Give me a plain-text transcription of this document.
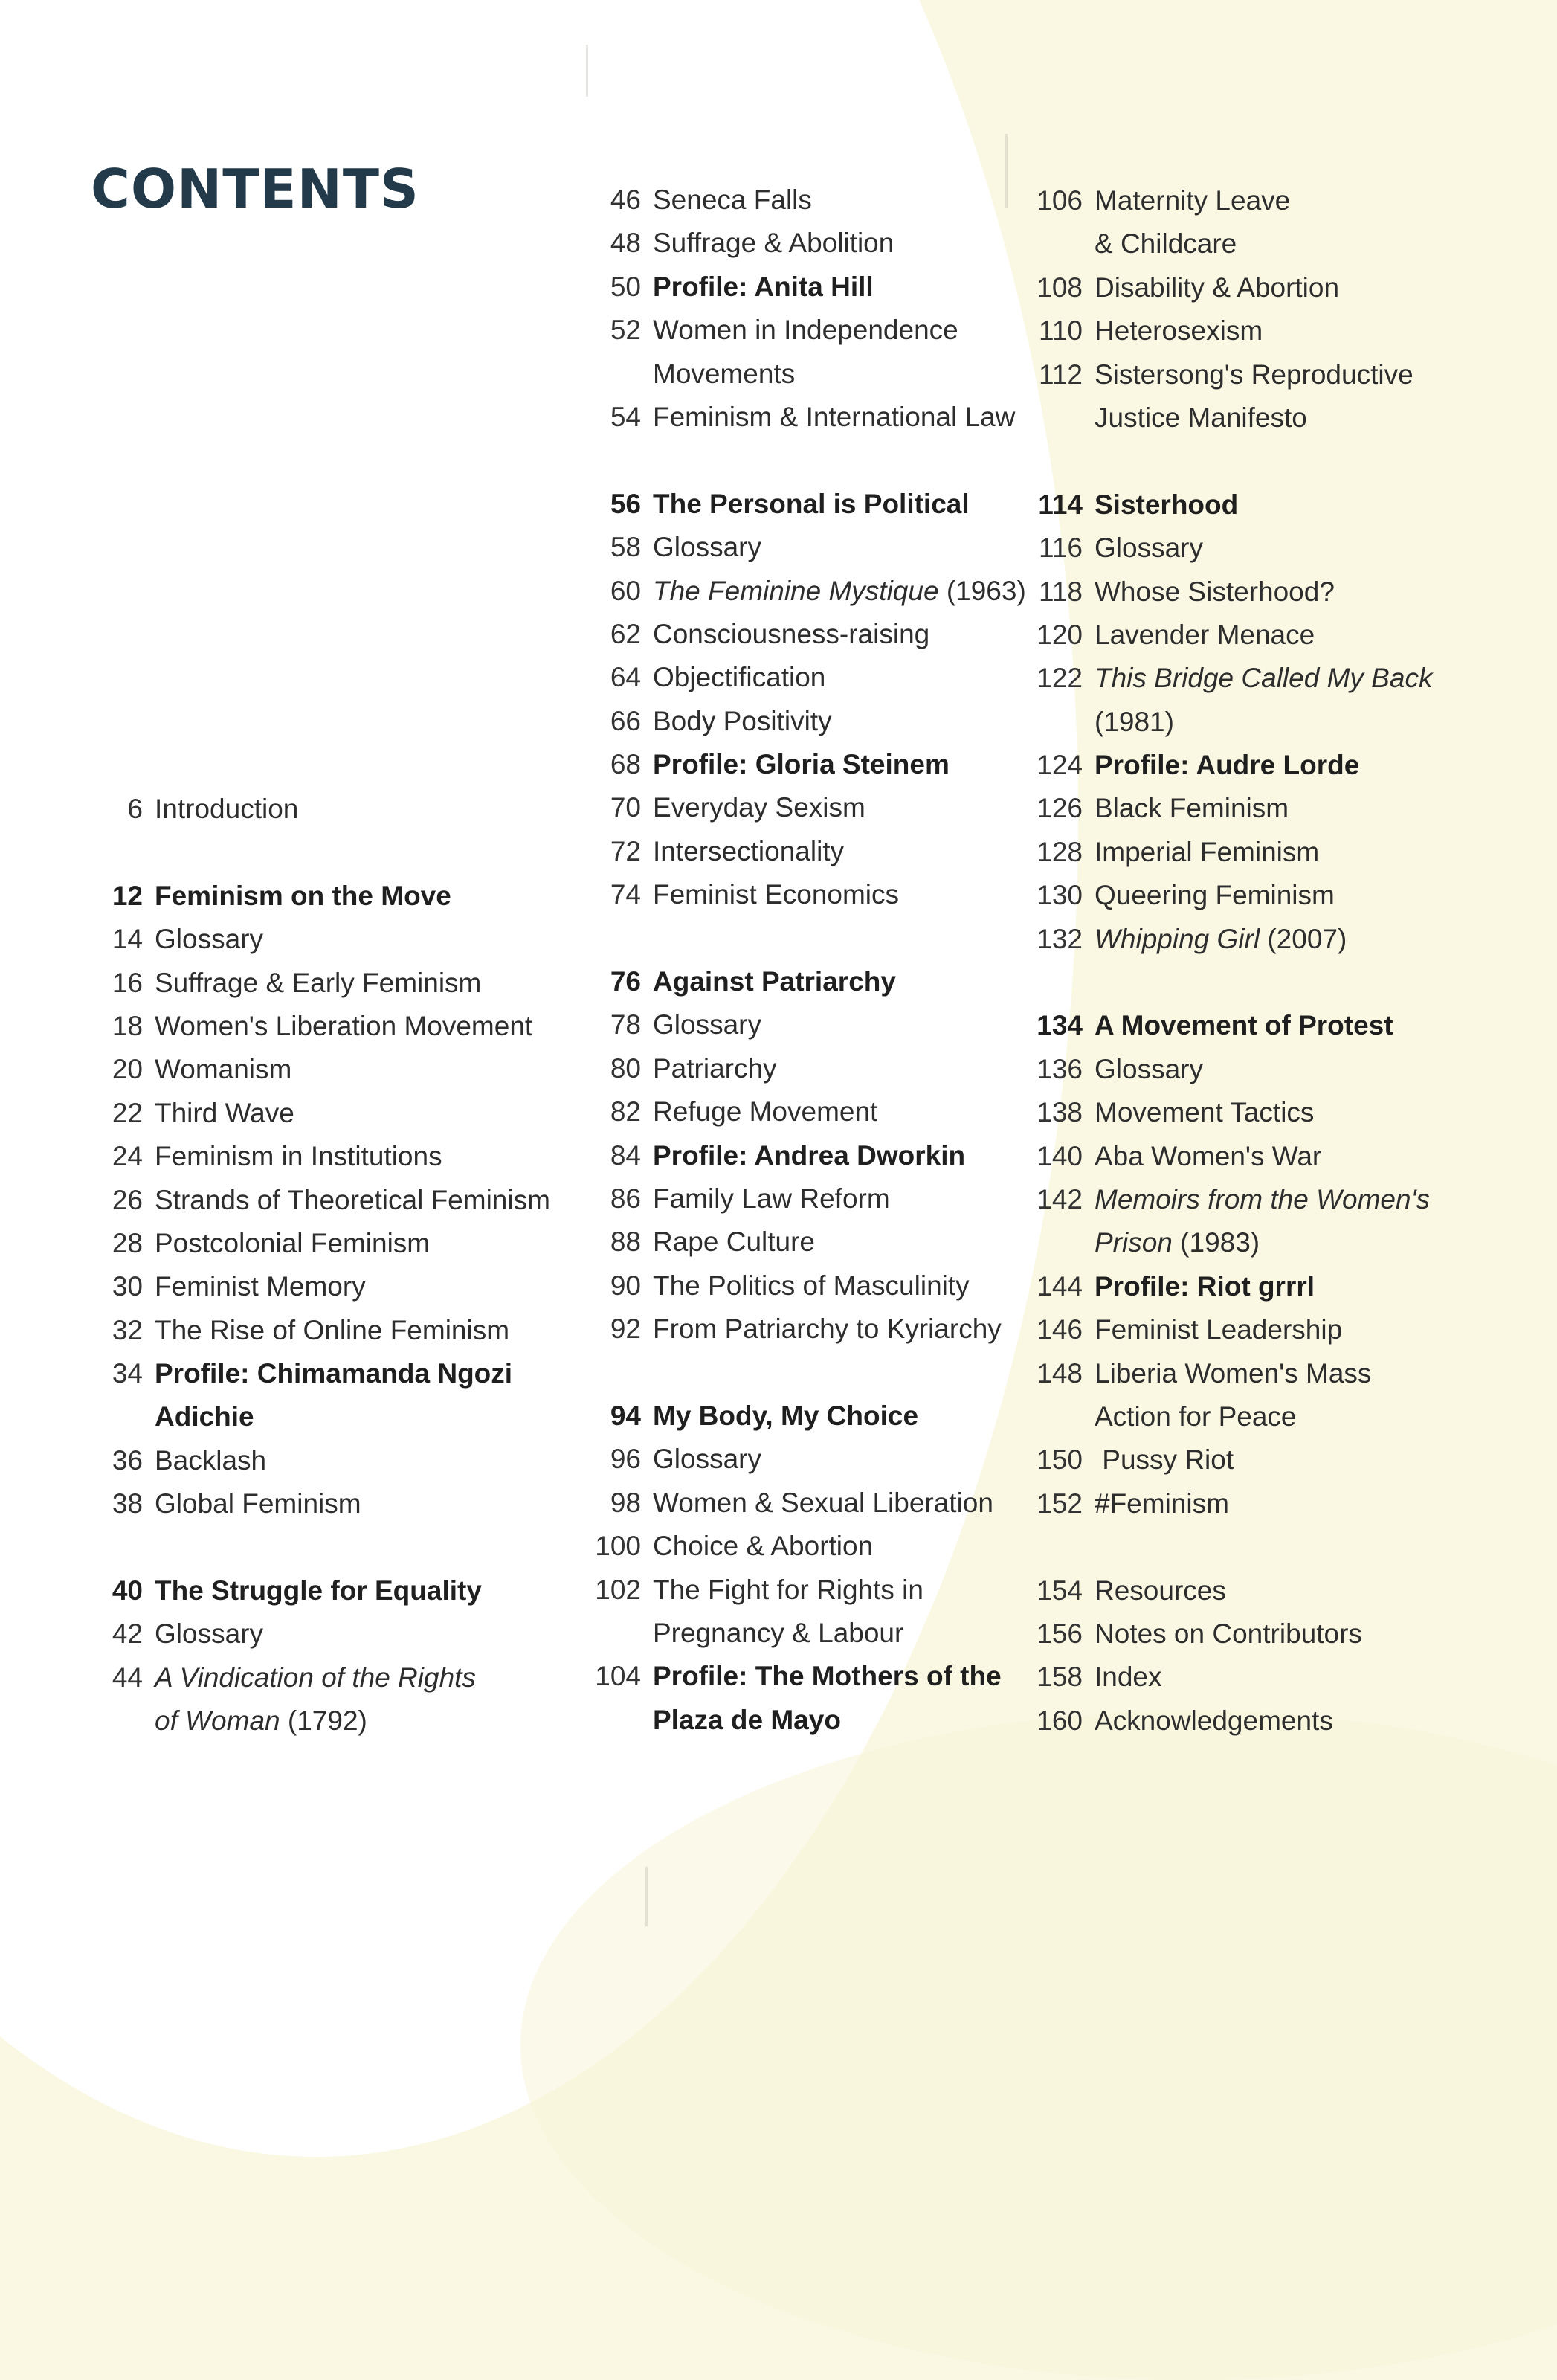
CONTENTS
6 Introduction
12 Feminism on the Move
14 Glossary
16 Suffrage & Early Feminism
18 Women's Liberation Movement
20 Womanism
22 Third Wave
24 Feminism in Institutions
26 Strands of Theoretical Feminism
28 Postcolonial Feminism
30 Feminist Memory
32 The Rise of Online Feminism
34 Profile: Chimamanda Ngozi
Adichie
36 Backlash
38 Global Feminism
40 The Struggle for Equality
42 Glossary
44 A Vindication of the Rights
of Woman (1792)
46 Seneca Falls
48 Suffrage & Abolition
50 Profile: Anita Hill
52 Women in Independence
Movements
54 Feminism & International Law
56 The Personal is Political
58 Glossary
60 The Feminine Mystique (1963)
62 Consciousness-raising
64 Objectification
66 Body Positivity
68 Profile: Gloria Steinem
70 Everyday Sexism
72 Intersectionality
74 Feminist Economics
76 Against Patriarchy
78 Glossary
80 Patriarchy
82 Refuge Movement
84 Profile: Andrea Dworkin
86 Family Law Reform
88 Rape Culture
90 The Politics of Masculinity
92 From Patriarchy to Kyriarchy
94 My Body, My Choice
96 Glossary
98 Women & Sexual Liberation
100 Choice & Abortion
102 The Fight for Rights in
Pregnancy & Labour
104 Profile: The Mothers of the
Plaza de Mayo
106 Maternity Leave
& Childcare
108 Disability & Abortion
110 Heterosexism
112 Sistersong's Reproductive
Justice Manifesto
114 Sisterhood
116 Glossary
118 Whose Sisterhood?
120 Lavender Menace
122 This Bridge Called My Back
(1981)
124 Profile: Audre Lorde
126 Black Feminism
128 Imperial Feminism
130 Queering Feminism
132 Whipping Girl (2007)
134 A Movement of Protest
136 Glossary
138 Movement Tactics
140 Aba Women's War
142 Memoirs from the Women's
Prison (1983)
144 Profile: Riot grrrl
146 Feminist Leadership
148 Liberia Women's Mass
Action for Peace
150 Pussy Riot
152 #Feminism
154 Resources
156 Notes on Contributors
158 Index
160 Acknowledgements
